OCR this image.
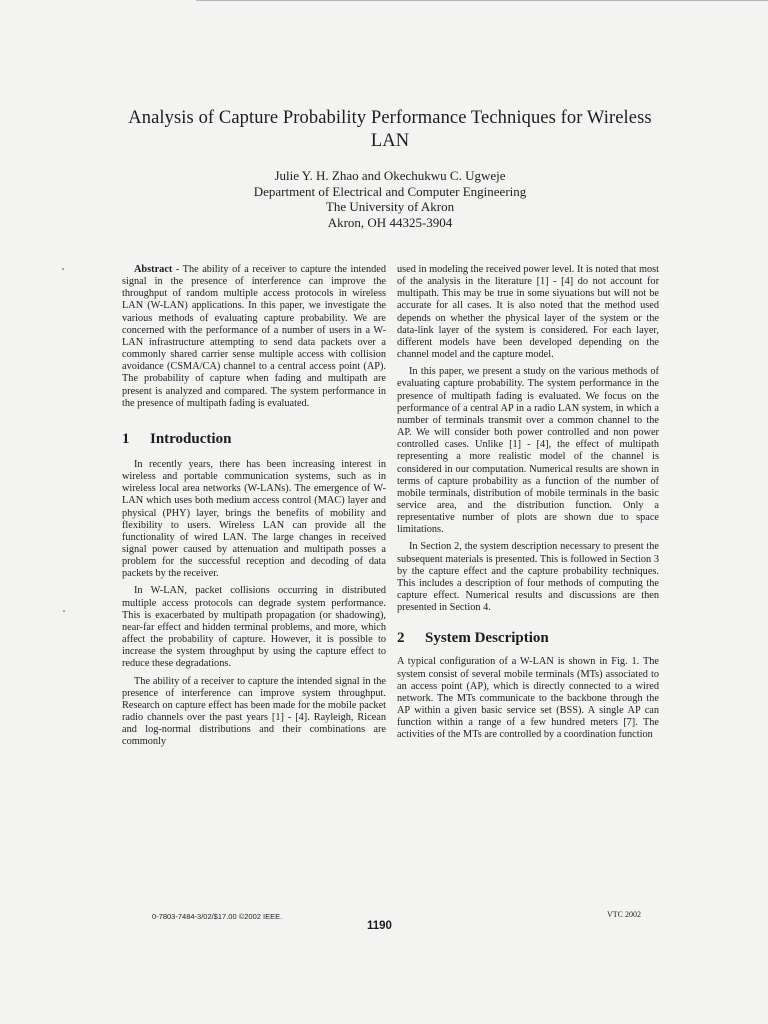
Analysis of Capture Probability Performance Techniques for Wireless LAN
Julie Y. H. Zhao and Okechukwu C. Ugweje
Department of Electrical and Computer Engineering
The University of Akron
Akron, OH 44325-3904

Abstract - The ability of a receiver to capture the intended signal in the presence of interference can improve the throughput of random multiple access protocols in wireless LAN (W-LAN) applications. In this paper, we investigate the various methods of evaluating capture probability. We are concerned with the performance of a number of users in a W-LAN infrastructure attempting to send data packets over a commonly shared carrier sense multiple access with collision avoidance (CSMA/CA) channel to a central access point (AP). The probability of capture when fading and multipath are present is analyzed and compared. The system performance in the presence of multipath fading is evaluated.

1	Introduction

In recently years, there has been increasing interest in wireless and portable communication systems, such as in wireless local area networks (W-LANs). The emergence of W-LAN which uses both medium access control (MAC) layer and physical (PHY) layer, brings the benefits of mobility and flexibility to users. Wireless LAN can provide all the functionality of wired LAN. The large changes in received signal power caused by attenuation and multipath posses a problem for the successful reception and decoding of data packets by the receiver.

In W-LAN, packet collisions occurring in distributed multiple access protocols can degrade system performance. This is exacerbated by multipath propagation (or shadowing), near-far effect and hidden terminal problems, and more, which affect the probability of capture. However, it is possible to increase the system throughput by using the capture effect to reduce these degradations.

The ability of a receiver to capture the intended signal in the presence of interference can improve system throughput. Research on capture effect has been made for the mobile packet radio channels over the past years [1] - [4]. Rayleigh, Ricean and log-normal distributions and their combinations are commonly

used in modeling the received power level. It is noted that most of the analysis in the literature [1] - [4] do not account for multipath. This may be true in some siyuations but will not be accurate for all cases. It is also noted that the method used depends on whether the physical layer of the system or the data-link layer of the system is considered. For each layer, different models have been developed depending on the channel model and the capture model.

In this paper, we present a study on the various methods of evaluating capture probability. The system performance in the presence of multipath fading is evaluated. We focus on the performance of a central AP in a radio LAN system, in which a number of terminals transmit over a common channel to the AP. We will consider both power controlled and non power controlled cases. Unlike [1] - [4], the effect of multipath representing a more realistic model of the channel is considered in our computation. Numerical results are shown in terms of capture probability as a function of the number of mobile terminals, distribution of mobile terminals in the basic service area, and the distribution function. Only a representative number of plots are shown due to space limitations.

In Section 2, the system description necessary to present the subsequent materials is presented. This is followed in Section 3 by the capture effect and the capture probability techniques. This includes a description of four methods of computing the capture effect. Numerical results and discussions are then presented in Section 4.

2	System Description

A typical configuration of a W-LAN is shown in Fig. 1. The system consist of several mobile terminals (MTs) associated to an access point (AP), which is directly connected to a wired network. The MTs communicate to the backbone through the AP within a given basic service set (BSS). A single AP can function within a range of a few hundred meters [7]. The activities of the MTs are controlled by a coordination function

0-7803-7484-3/02/$17.00 ©2002 IEEE.
1190
VTC 2002
